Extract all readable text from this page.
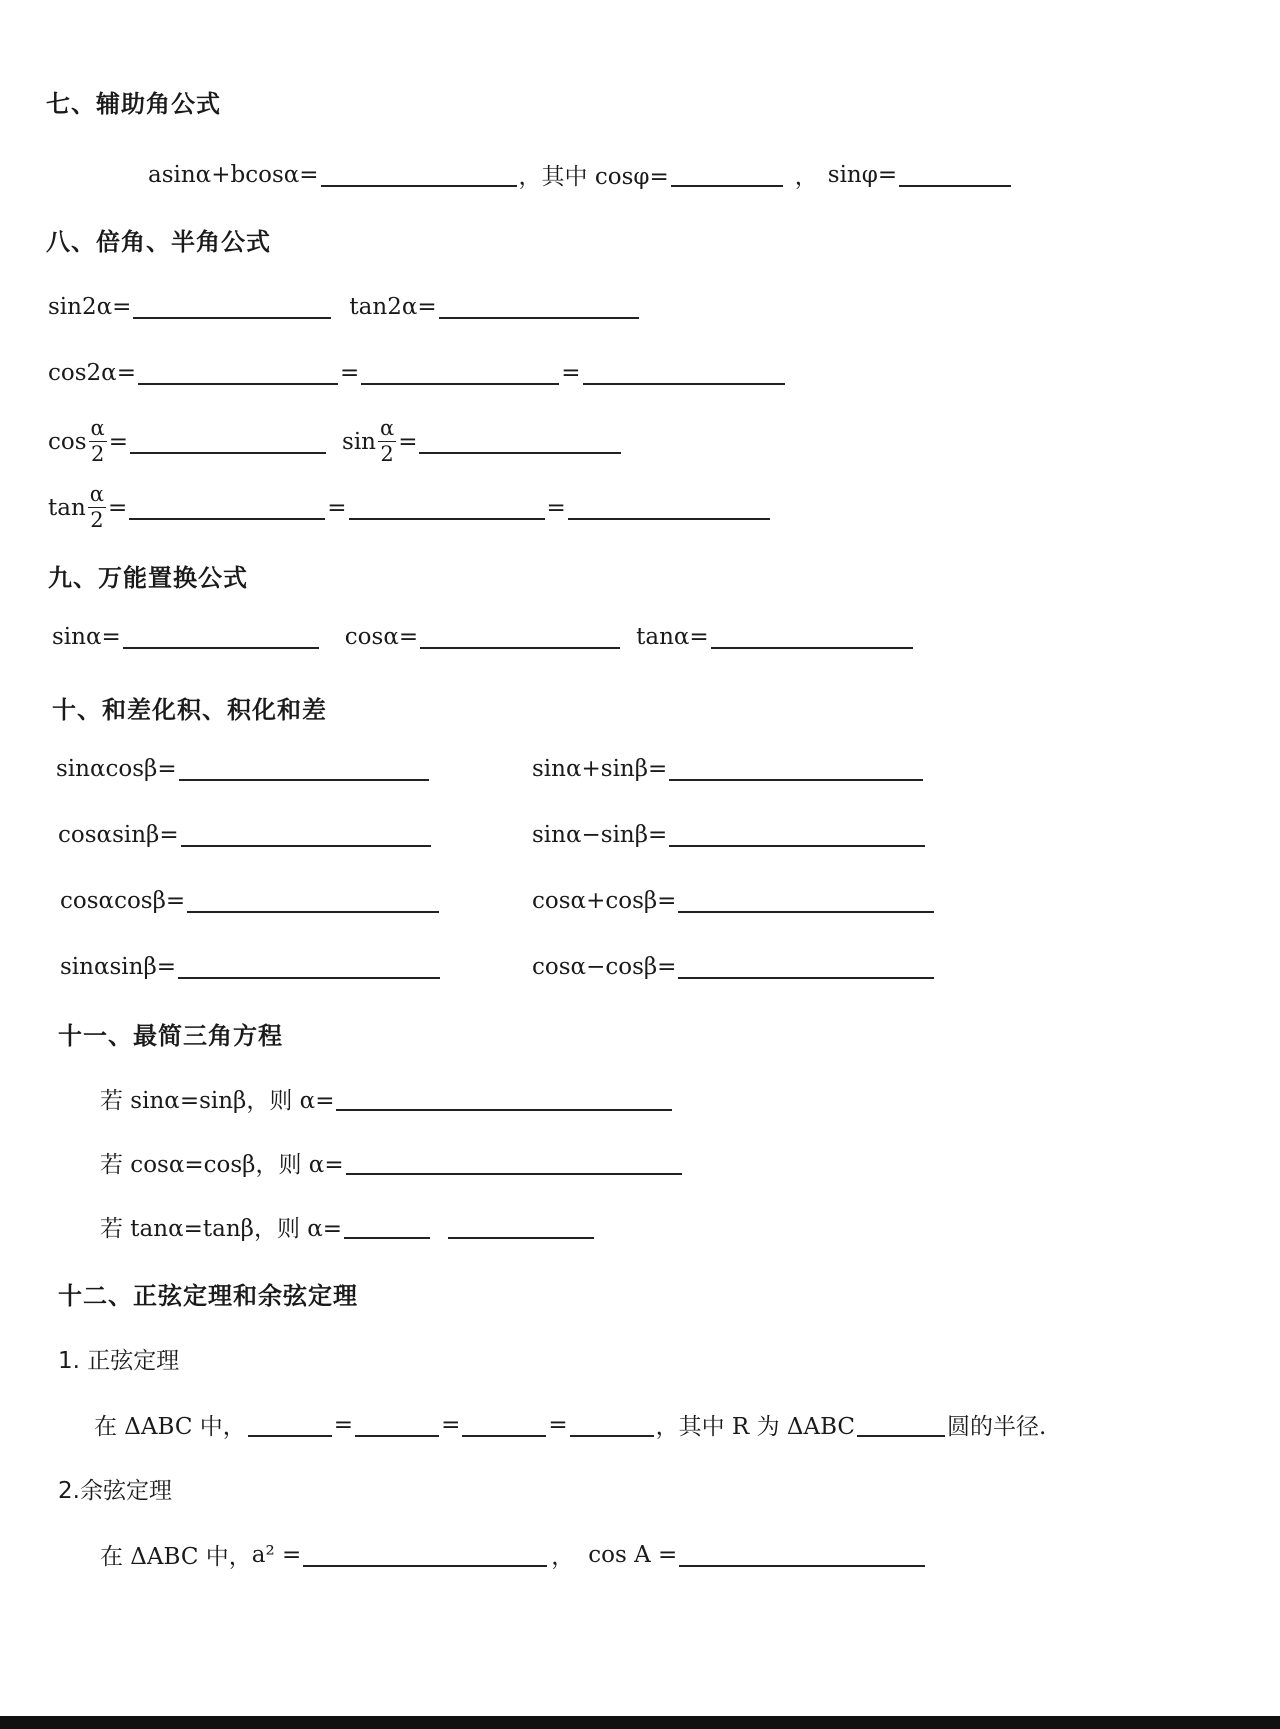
七、辅助角公式
asinα+bcosα=	，其中 cosφ=	， sinφ=
八、倍角、半角公式
sin2α=	tan2α=
cos2α=	=	=
$\cos \frac{\alpha}{2}$ =	$\sin \frac{\alpha}{2}$ =
$\tan \frac{\alpha}{2}$ =	=	=
九、万能置换公式
sinα=	cosα=	tanα=
十、和差化积、积化和差
sinαcosβ=	sinα+sinβ=
cosαsinβ=	sinα−sinβ=
cosαcosβ=	cosα+cosβ=
sinαsinβ=	cosα−cosβ=
十一、最简三角方程
若 sinα=sinβ，则 α=
若 cosα=cosβ，则 α=
若 tanα=tanβ，则 α=
十二、正弦定理和余弦定理
1. 正弦定理
在 ΔABC 中，	=	=	=	，其中 R 为 ΔABC	圆的半径.
2.余弦定理
在 ΔABC 中， a² =	， cos A =
